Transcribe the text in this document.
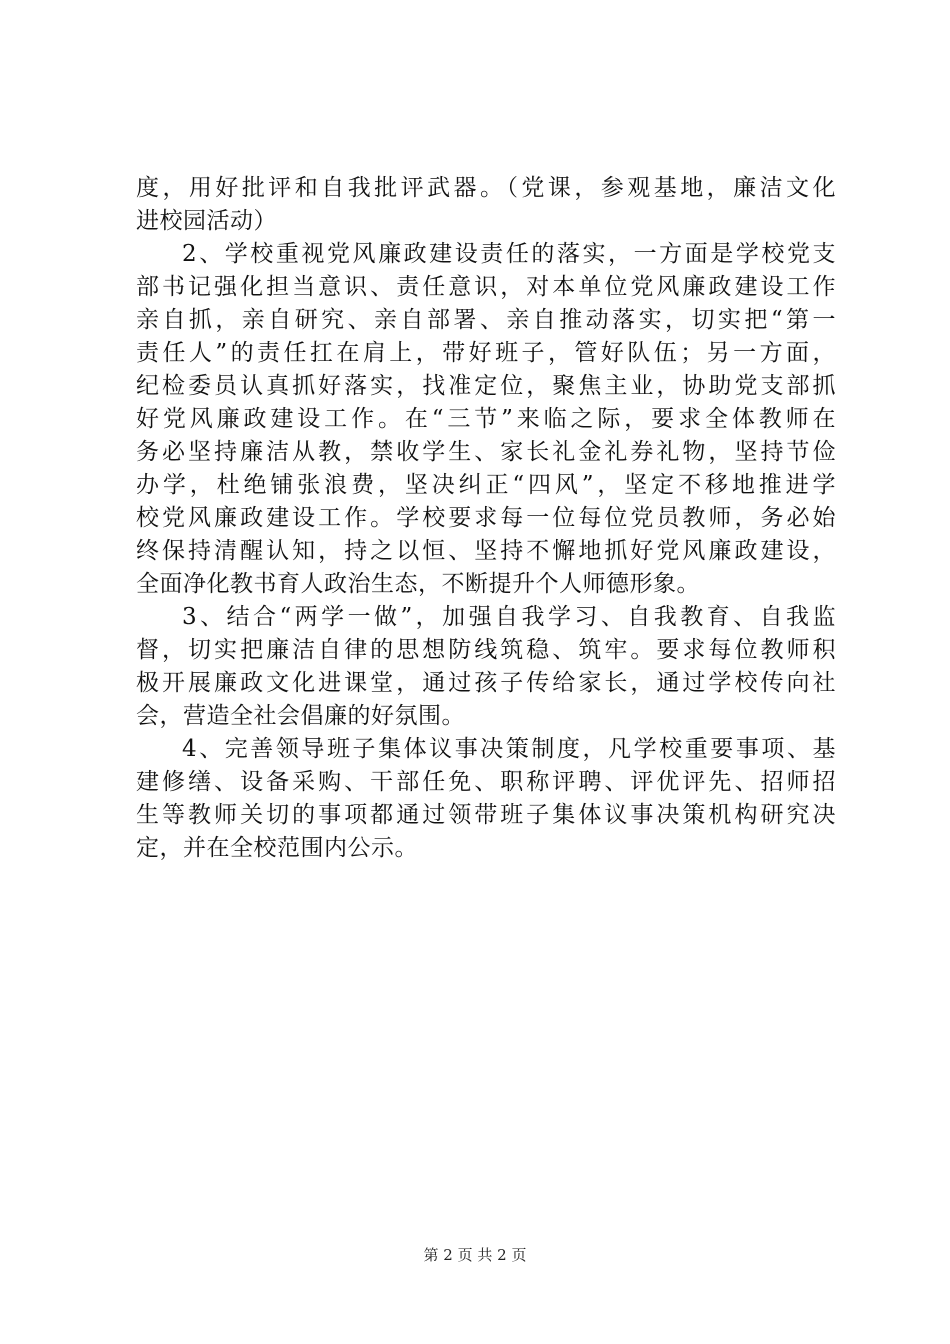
度，用好批评和自我批评武器。（党课，参观基地，廉洁文化
进校园活动）
2、学校重视党风廉政建设责任的落实，一方面是学校党支
部书记强化担当意识、责任意识，对本单位党风廉政建设工作
亲自抓，亲自研究、亲自部署、亲自推动落实，切实把“第一
责任人”的责任扛在肩上，带好班子，管好队伍；另一方面，
纪检委员认真抓好落实，找准定位，聚焦主业，协助党支部抓
好党风廉政建设工作。在“三节”来临之际，要求全体教师在
务必坚持廉洁从教，禁收学生、家长礼金礼券礼物，坚持节俭
办学，杜绝铺张浪费，坚决纠正“四风”，坚定不移地推进学
校党风廉政建设工作。学校要求每一位每位党员教师，务必始
终保持清醒认知，持之以恒、坚持不懈地抓好党风廉政建设，
全面净化教书育人政治生态，不断提升个人师德形象。
3、结合“两学一做”，加强自我学习、自我教育、自我监
督，切实把廉洁自律的思想防线筑稳、筑牢。要求每位教师积
极开展廉政文化进课堂，通过孩子传给家长，通过学校传向社
会，营造全社会倡廉的好氛围。
4、完善领导班子集体议事决策制度，凡学校重要事项、基
建修缮、设备采购、干部任免、职称评聘、评优评先、招师招
生等教师关切的事项都通过领带班子集体议事决策机构研究决
定，并在全校范围内公示。
第 2 页 共 2 页
